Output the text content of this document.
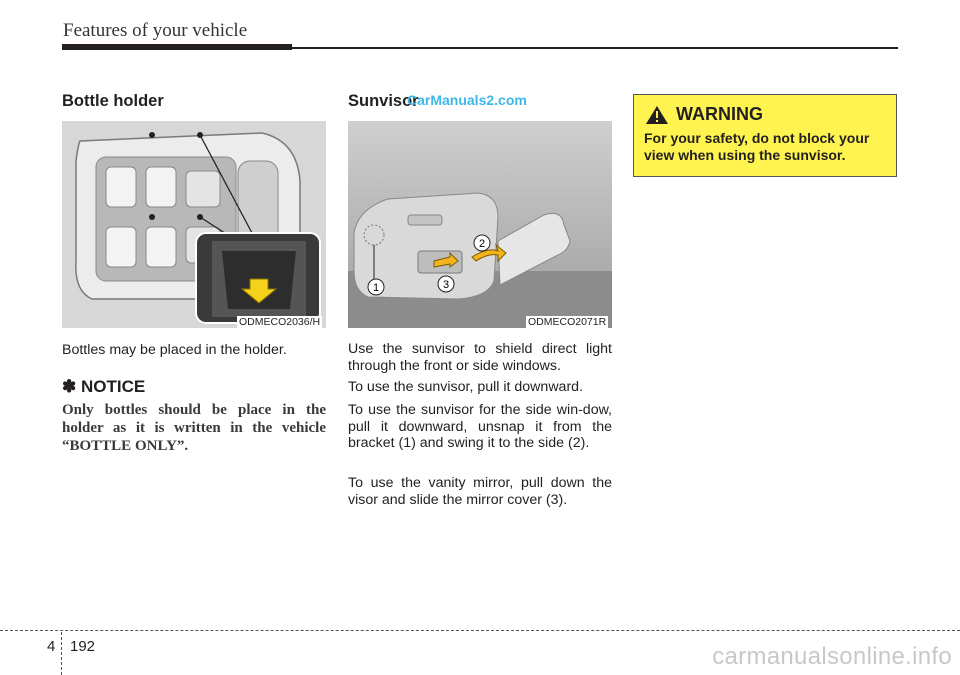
Features of your vehicle
Bottle holder
ODMECO2036/H

Bottles may be placed in the holder.

✽ NOTICE

Only bottles should be place in the holder as it is written in the vehicle “BOTTLE ONLY”.

Sunvisor
CarManuals2.com
1
2
3
ODMECO2071R

Use the sunvisor to shield direct light through the front or side windows.

To use the sunvisor, pull it downward.

To use the sunvisor for the side win-dow, pull it downward, unsnap it from the bracket (1) and swing it to the side (2).

To use the vanity mirror, pull down the visor and slide the mirror cover (3).

WARNING

For your safety, do not block your view when using the sunvisor.

4 192	carmanualsonline.info
